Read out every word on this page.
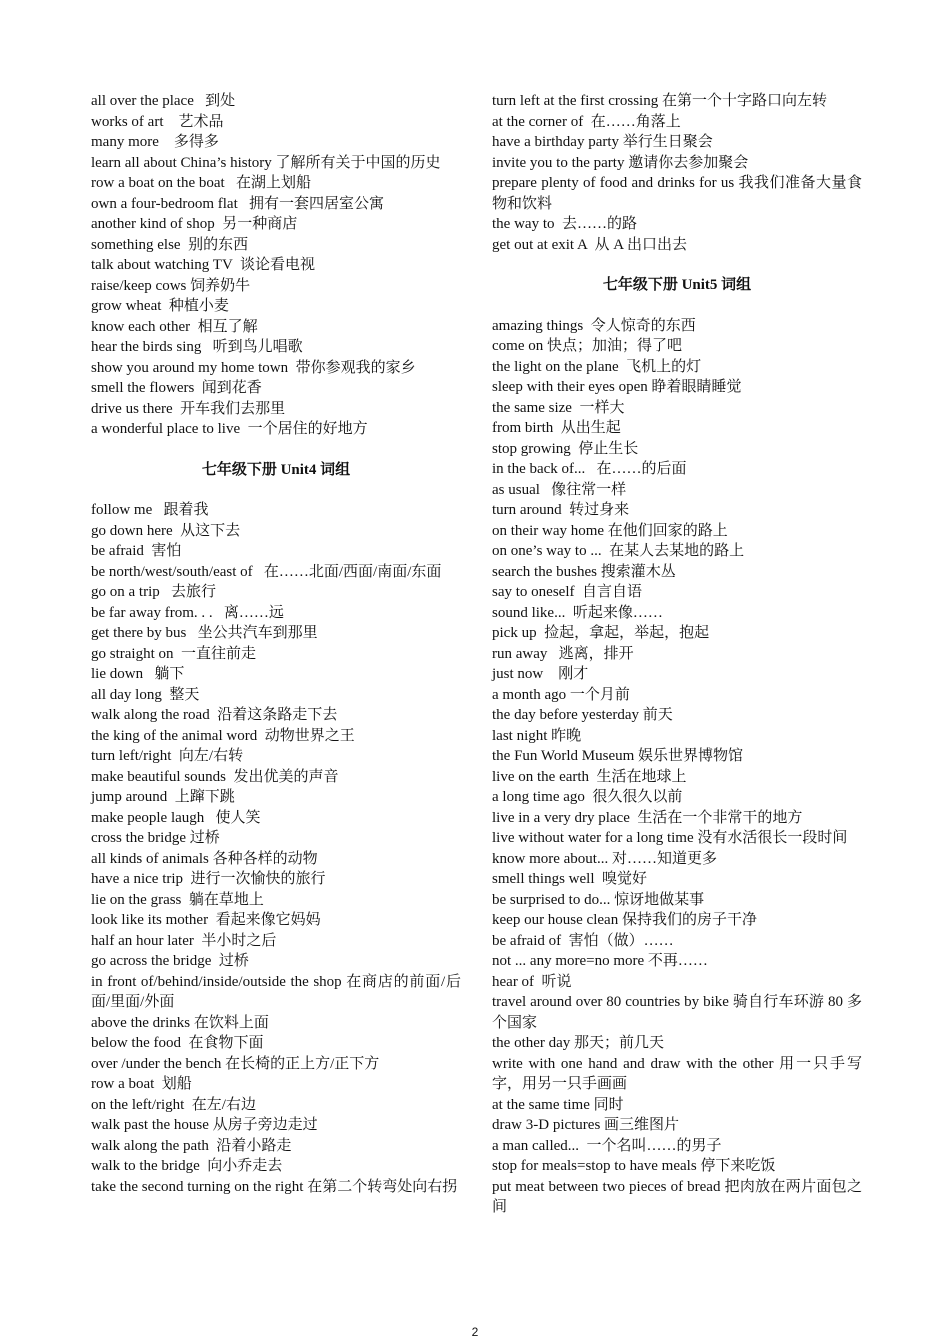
all over the place   到处
works of art    艺术品
many more    多得多
learn all about China’s history 了解所有关于中国的历史
row a boat on the boat   在湖上划船
own a four-bedroom flat   拥有一套四居室公寓
another kind of shop  另一种商店
something else  别的东西
talk about watching TV  谈论看电视
raise/keep cows 饲养奶牛
grow wheat  种植小麦
know each other  相互了解
hear the birds sing   听到鸟儿唱歌
show you around my home town  带你参观我的家乡
smell the flowers  闻到花香
drive us there  开车我们去那里
a wonderful place to live  一个居住的好地方
七年级下册 Unit4 词组
follow me   跟着我
go down here  从这下去
be afraid  害怕
be north/west/south/east of   在……北面/西面/南面/东面
go on a trip   去旅行
be far away from. . .   离……远
get there by bus   坐公共汽车到那里
go straight on  一直往前走
lie down   躺下
all day long  整天
walk along the road  沿着这条路走下去
the king of the animal word  动物世界之王
turn left/right  向左/右转
make beautiful sounds  发出优美的声音
jump around  上蹿下跳
make people laugh   使人笑
cross the bridge 过桥
all kinds of animals 各种各样的动物
have a nice trip  进行一次愉快的旅行
lie on the grass  躺在草地上
look like its mother  看起来像它妈妈
half an hour later  半小时之后
go across the bridge  过桥
in front of/behind/inside/outside the shop 在商店的前面/后面/里面/外面
above the drinks 在饮料上面
below the food  在食物下面
over /under the bench 在长椅的正上方/正下方
row a boat  划船
on the left/right  在左/右边
walk past the house 从房子旁边走过
walk along the path  沿着小路走
walk to the bridge  向小乔走去
take the second turning on the right 在第二个转弯处向右拐
turn left at the first crossing 在第一个十字路口向左转
at the corner of  在……角落上
have a birthday party 举行生日聚会
invite you to the party 邀请你去参加聚会
prepare plenty of food and drinks for us 我我们准备大量食物和饮料
the way to  去……的路
get out at exit A  从 A 出口出去
七年级下册 Unit5 词组
amazing things  令人惊奇的东西
come on 快点；加油；得了吧
the light on the plane  飞机上的灯
sleep with their eyes open 睁着眼睛睡觉
the same size  一样大
from birth  从出生起
stop growing  停止生长
in the back of...   在……的后面
as usual   像往常一样
turn around  转过身来
on their way home 在他们回家的路上
on one’s way to ...  在某人去某地的路上
search the bushes 搜索灌木丛
say to oneself  自言自语
sound like...  听起来像……
pick up  捡起，拿起，举起，抱起
run away   逃离，排开
just now    刚才
a month ago 一个月前
the day before yesterday 前天
last night 昨晚
the Fun World Museum 娱乐世界博物馆
live on the earth  生活在地球上
a long time ago  很久很久以前
live in a very dry place  生活在一个非常干的地方
live without water for a long time 没有水活很长一段时间
know more about... 对……知道更多
smell things well  嗅觉好
be surprised to do... 惊讶地做某事
keep our house clean 保持我们的房子干净
be afraid of  害怕（做）……
not ... any more=no more 不再……
hear of  听说
travel around over 80 countries by bike 骑自行车环游 80 多个国家
the other day 那天；前几天
write with one hand and draw with the other 用一只手写字，用另一只手画画
at the same time 同时
draw 3-D pictures 画三维图片
a man called...  一个名叫……的男子
stop for meals=stop to have meals 停下来吃饭
put meat between two pieces of bread 把肉放在两片面包之间
2
